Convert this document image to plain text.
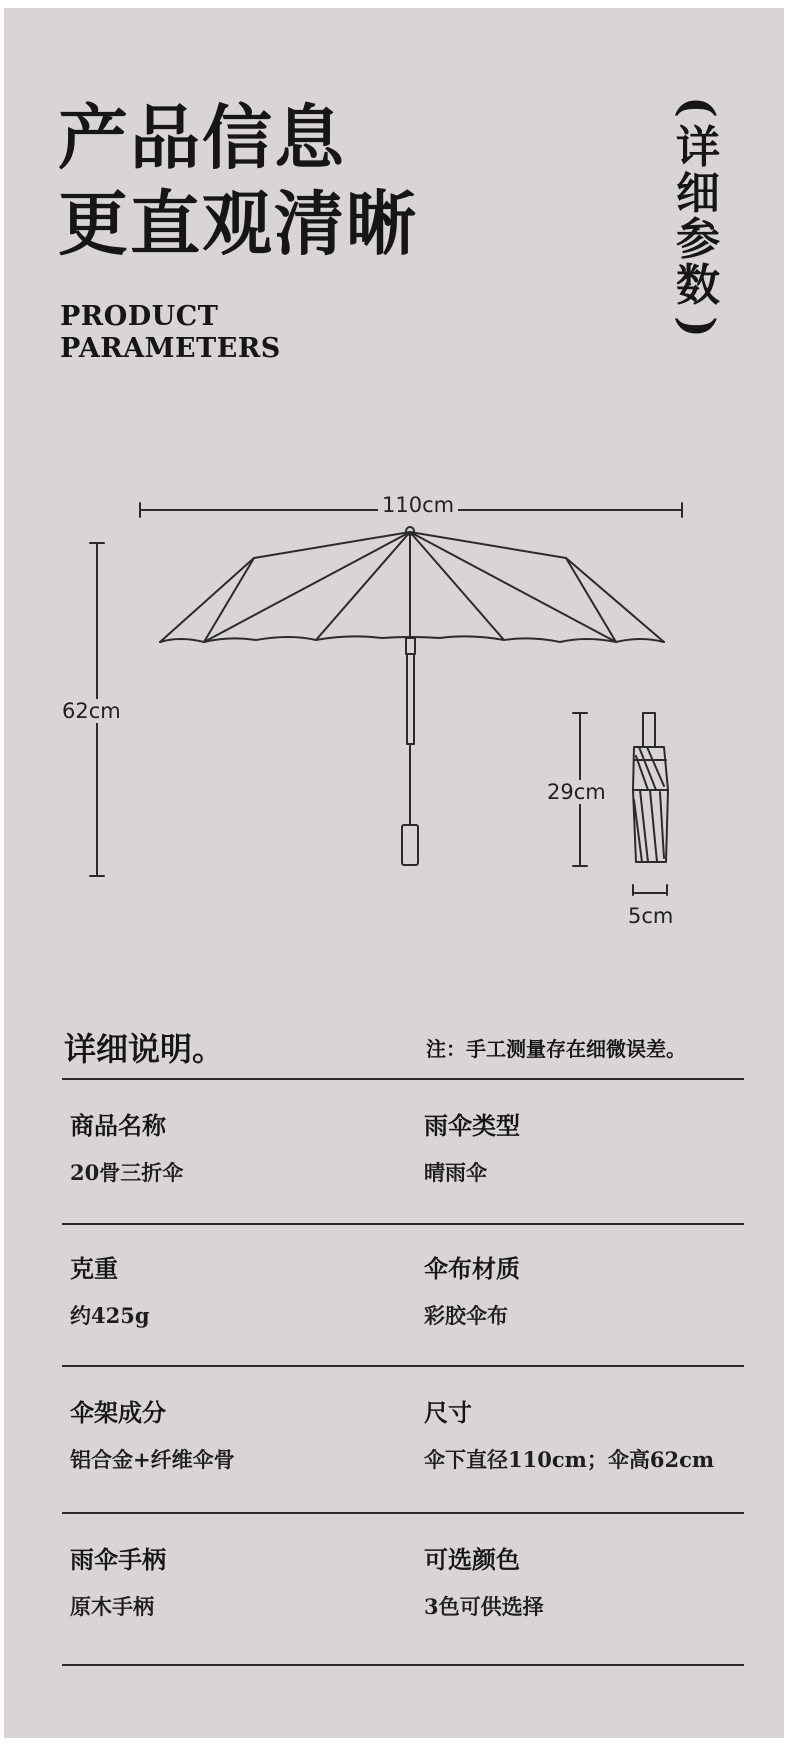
产品信息
更直观清晰
(
详
细
参
数
)
PRODUCT
PARAMETERS
110cm
62cm
29cm
5cm
详细说明。	注：手工测量存在细微误差。
商品名称
20骨三折伞
雨伞类型
晴雨伞
克重
约425g
伞布材质
彩胶伞布
伞架成分
铝合金+纤维伞骨
尺寸
伞下直径110cm；伞高62cm
雨伞手柄
原木手柄
可选颜色
3色可供选择
